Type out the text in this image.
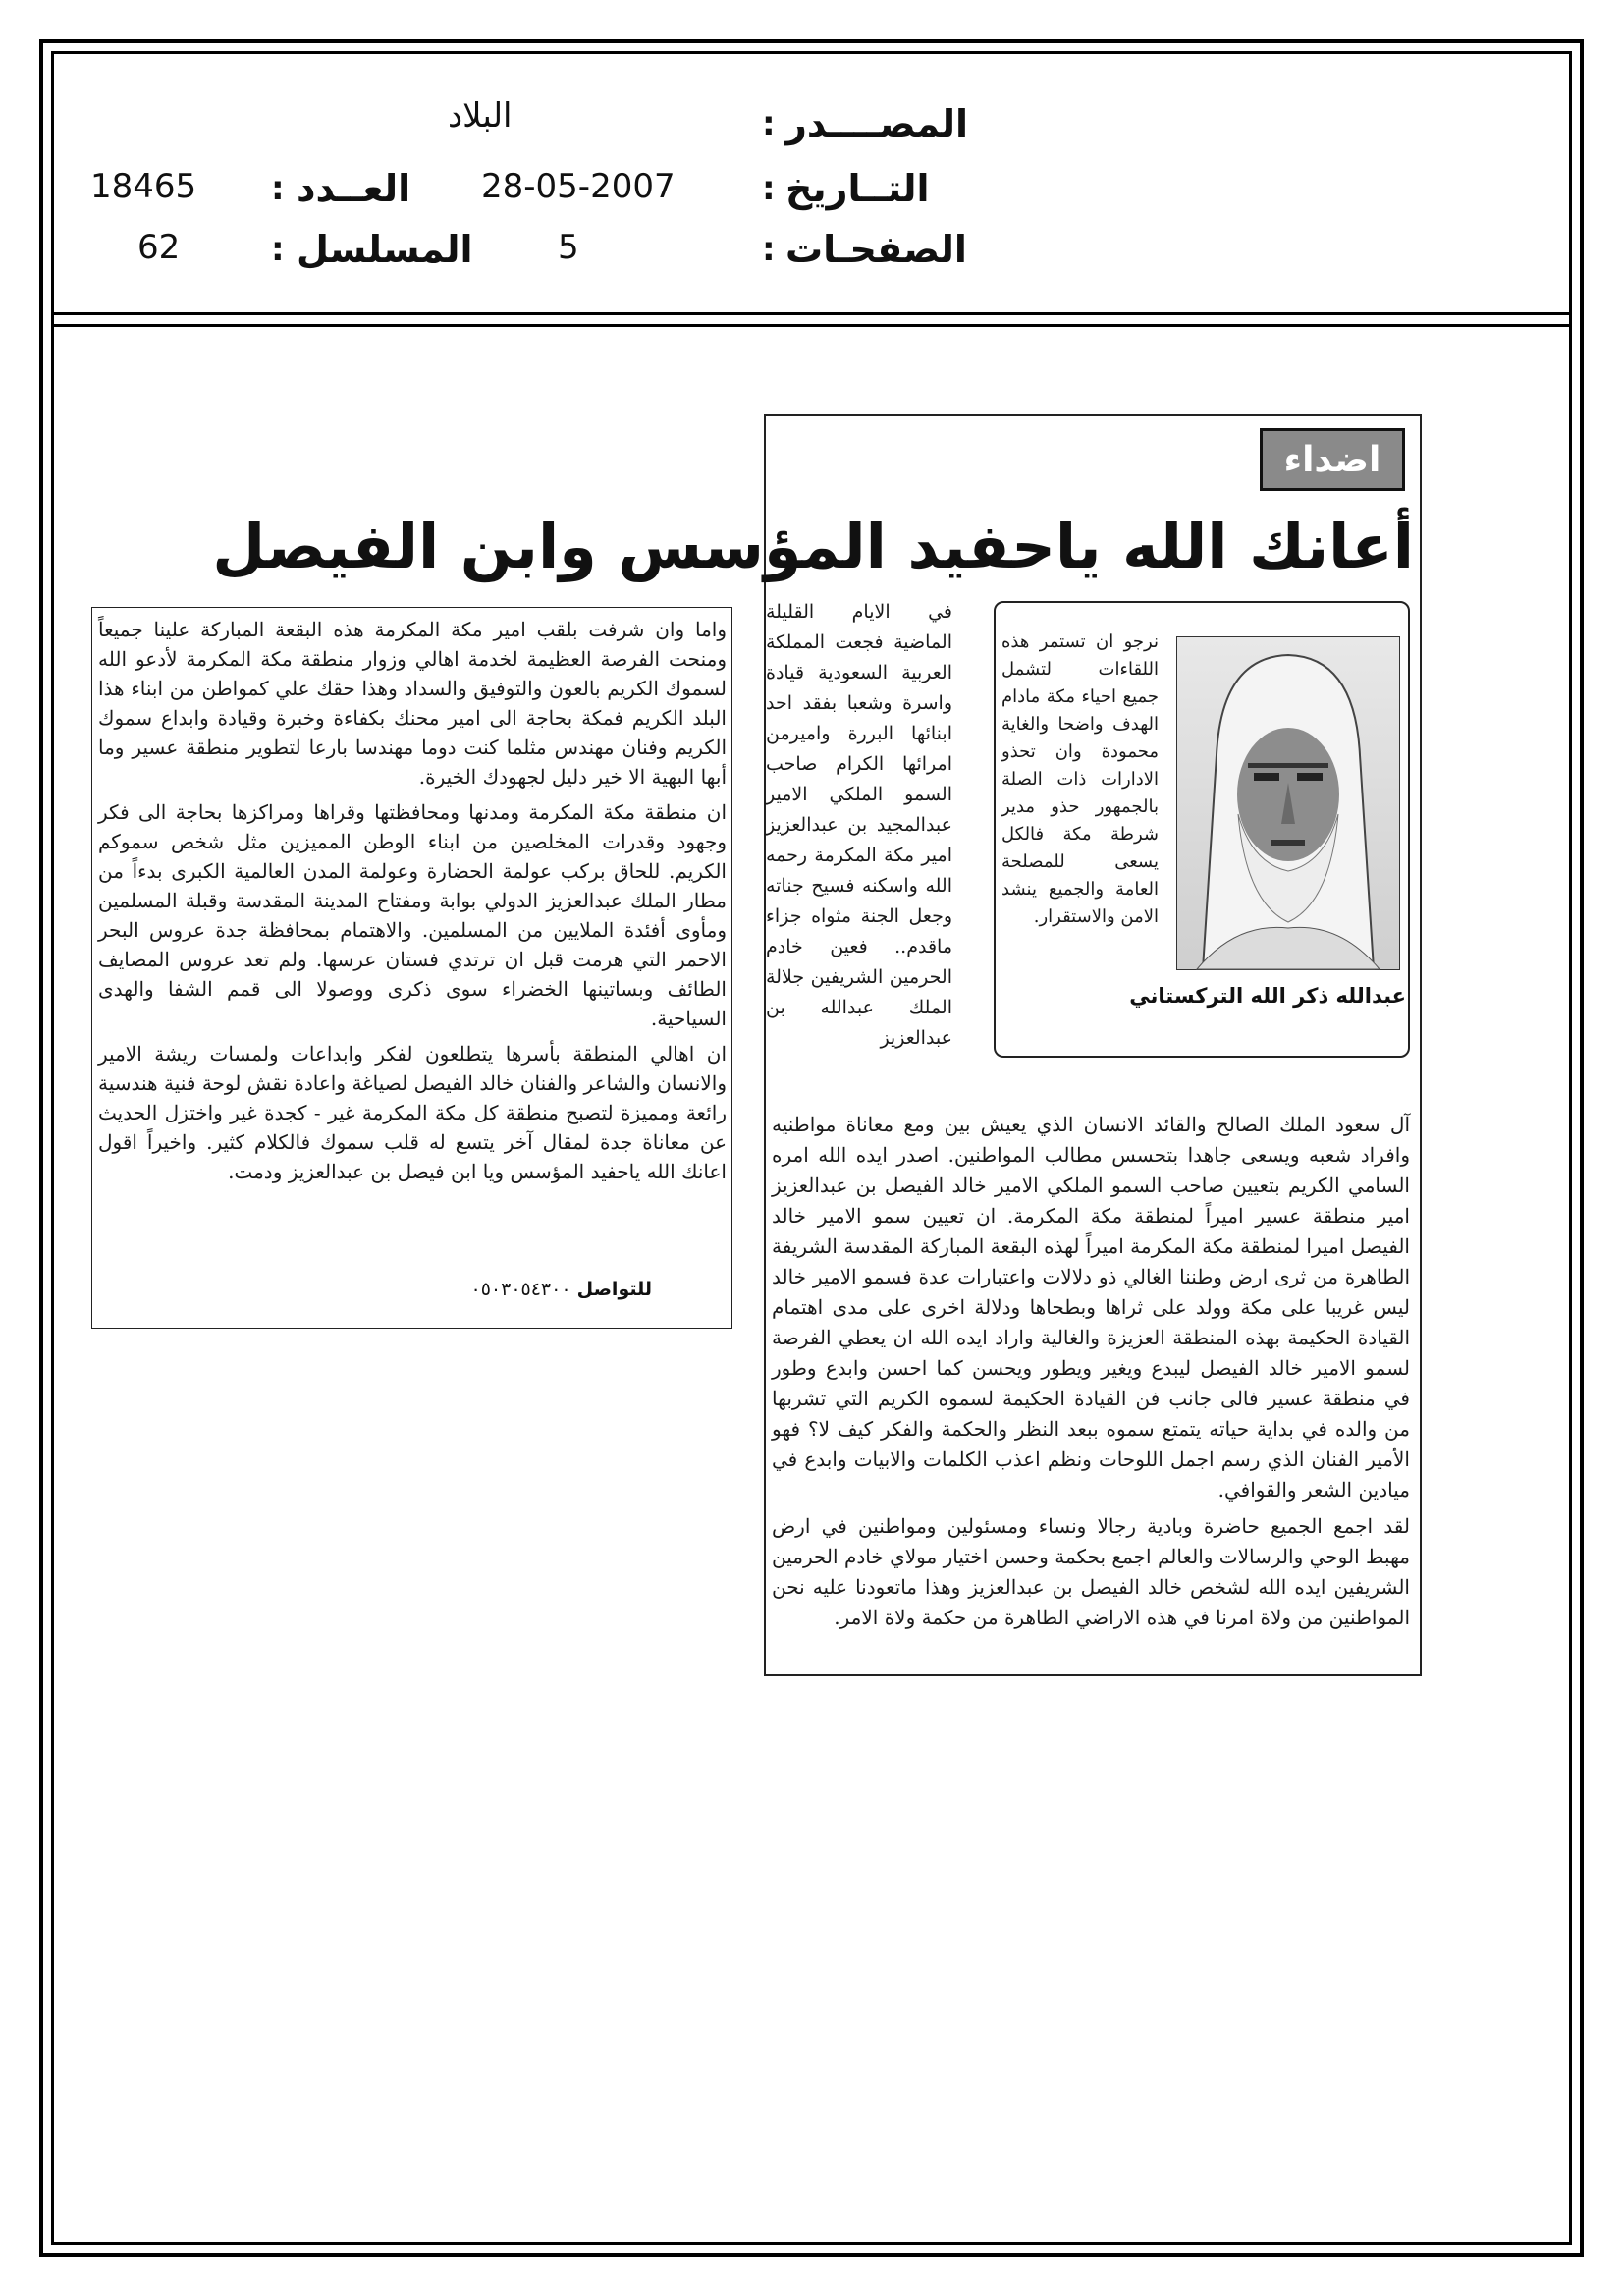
المصــــدر
:
البلاد
التــاريخ
:
28-05-2007
العــدد
:
18465
الصفحـات
:
5
المسلسل
:
62
اضداء
أعانك الله ياحفيد المؤسس وابن الفيصل

في الايام القليلة الماضية فجعت المملكة العربية السعودية قيادة واسرة وشعبا بفقد احد ابنائها البررة واميرمن امرائها الكرام صاحب السمو الملكي الامير عبدالمجيد بن عبدالعزيز امير مكة المكرمة رحمه الله واسكنه فسيح جناته وجعل الجنة مثواه جزاء ماقدم.. فعين خادم الحرمين الشريفين جلالة الملك عبدالله بن عبدالعزيز

نرجو ان تستمر هذه اللقاءات لتشمل جميع احياء مكة مادام الهدف واضحا والغاية محمودة وان تحذو الادارات ذات الصلة بالجمهور حذو مدير شرطة مكة فالكل يسعى للمصلحة العامة والجميع ينشد الامن والاستقرار.

عبدالله ذكر الله التركستاني

آل سعود الملك الصالح والقائد الانسان الذي يعيش بين ومع معاناة مواطنيه وافراد شعبه ويسعى جاهدا بتحسس مطالب المواطنين. اصدر ايده الله امره السامي الكريم بتعيين صاحب السمو الملكي الامير خالد الفيصل بن عبدالعزيز امير منطقة عسير اميراً لمنطقة مكة المكرمة. ان تعيين سمو الامير خالد الفيصل اميرا لمنطقة مكة المكرمة اميراً لهذه البقعة المباركة المقدسة الشريفة الطاهرة من ثرى ارض وطننا الغالي ذو دلالات واعتبارات عدة فسمو الامير خالد ليس غريبا على مكة وولد على ثراها وبطحاها ودلالة اخرى على مدى اهتمام القيادة الحكيمة بهذه المنطقة العزيزة والغالية واراد ايده الله ان يعطي الفرصة لسمو الامير خالد الفيصل ليبدع ويغير ويطور ويحسن كما احسن وابدع وطور في منطقة عسير فالى جانب فن القيادة الحكيمة لسموه الكريم التي تشربها من والده في بداية حياته يتمتع سموه ببعد النظر والحكمة والفكر كيف لا؟ فهو الأمير الفنان الذي رسم اجمل اللوحات ونظم اعذب الكلمات والابيات وابدع في ميادين الشعر والقوافي.

لقد اجمع الجميع حاضرة وبادية رجالا ونساء ومسئولين ومواطنين في ارض مهبط الوحي والرسالات والعالم اجمع بحكمة وحسن اختيار مولاي خادم الحرمين الشريفين ايده الله لشخص خالد الفيصل بن عبدالعزيز وهذا ماتعودنا عليه نحن المواطنين من ولاة امرنا في هذه الاراضي الطاهرة من حكمة ولاة الامر.

واما وان شرفت بلقب امير مكة المكرمة هذه البقعة المباركة علينا جميعاً ومنحت الفرصة العظيمة لخدمة اهالي وزوار منطقة مكة المكرمة لأدعو الله لسموك الكريم بالعون والتوفيق والسداد وهذا حقك علي كمواطن من ابناء هذا البلد الكريم فمكة بحاجة الى امير محنك بكفاءة وخبرة وقيادة وابداع سموك الكريم وفنان مهندس مثلما كنت دوما مهندسا بارعا لتطوير منطقة عسير وما أبها البهية الا خير دليل لجهودك الخيرة.

ان منطقة مكة المكرمة ومدنها ومحافظتها وقراها ومراكزها بحاجة الى فكر وجهود وقدرات المخلصين من ابناء الوطن المميزين مثل شخص سموكم الكريم. للحاق بركب عولمة الحضارة وعولمة المدن العالمية الكبرى بدءاً من مطار الملك عبدالعزيز الدولي بوابة ومفتاح المدينة المقدسة وقبلة المسلمين ومأوى أفئدة الملايين من المسلمين. والاهتمام بمحافظة جدة عروس البحر الاحمر التي هرمت قبل ان ترتدي فستان عرسها. ولم تعد عروس المصايف الطائف وبساتينها الخضراء سوى ذكرى ووصولا الى قمم الشفا والهدى السياحية.

ان اهالي المنطقة بأسرها يتطلعون لفكر وابداعات ولمسات ريشة الامير والانسان والشاعر والفنان خالد الفيصل لصياغة واعادة نقش لوحة فنية هندسية رائعة ومميزة لتصبح منطقة كل مكة المكرمة غير - كجدة غير واختزل الحديث عن معاناة جدة لمقال آخر يتسع له قلب سموك فالكلام كثير. واخيراً اقول اعانك الله ياحفيد المؤسس ويا ابن فيصل بن عبدالعزيز ودمت.

للتواصل ٠٥٠٣٠٥٤٣٠٠
